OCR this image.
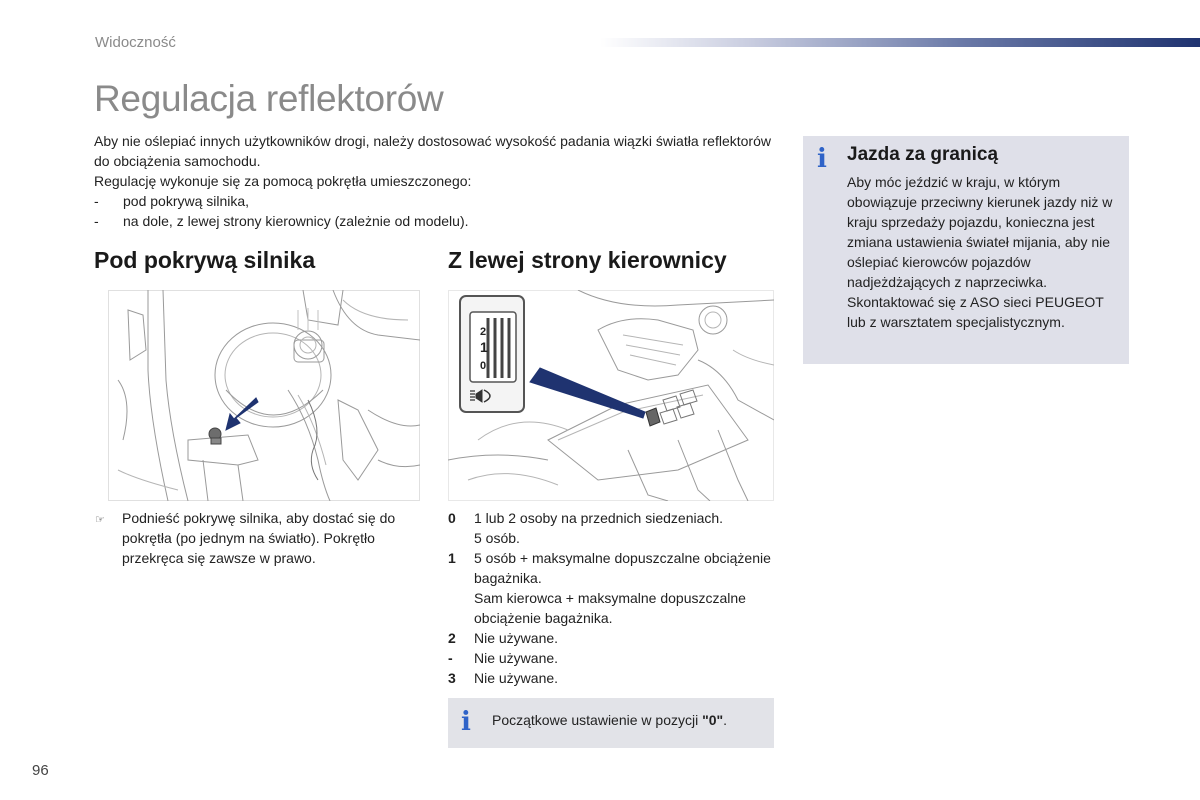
Widoczność
Regulacja reflektorów

Aby nie oślepiać innych użytkowników drogi, należy dostosować wysokość padania wiązki światła reflektorów do obciążenia samochodu.

Regulację wykonuje się za pomocą pokrętła umieszczonego:

-	pod pokrywą silnika,
-	na dole, z lewej strony kierownicy (zależnie od modelu).
i Jazda za granicą
Aby móc jeździć w kraju, w którym obowiązuje przeciwny kierunek jazdy niż w kraju sprzedaży pojazdu, konieczna jest zmiana ustawienia świateł mijania, aby nie oślepiać kierowców pojazdów nadjeżdżających z naprzeciwka. Skontaktować się z ASO sieci PEUGEOT lub z warsztatem specjalistycznym.
Pod pokrywą silnika	Z lewej strony kierownicy
2
1
0
☞	Podnieść pokrywę silnika, aby dostać się do pokrętła (po jednym na światło). Pokrętło przekręca się zawsze w prawo.
0	1 lub 2 osoby na przednich siedzeniach.
5 osób.
1	5 osób + maksymalne dopuszczalne obciążenie bagażnika.
Sam kierowca + maksymalne dopuszczalne obciążenie bagażnika.
2	Nie używane.
-	Nie używane.
3	Nie używane.
i Początkowe ustawienie w pozycji "0".
96
